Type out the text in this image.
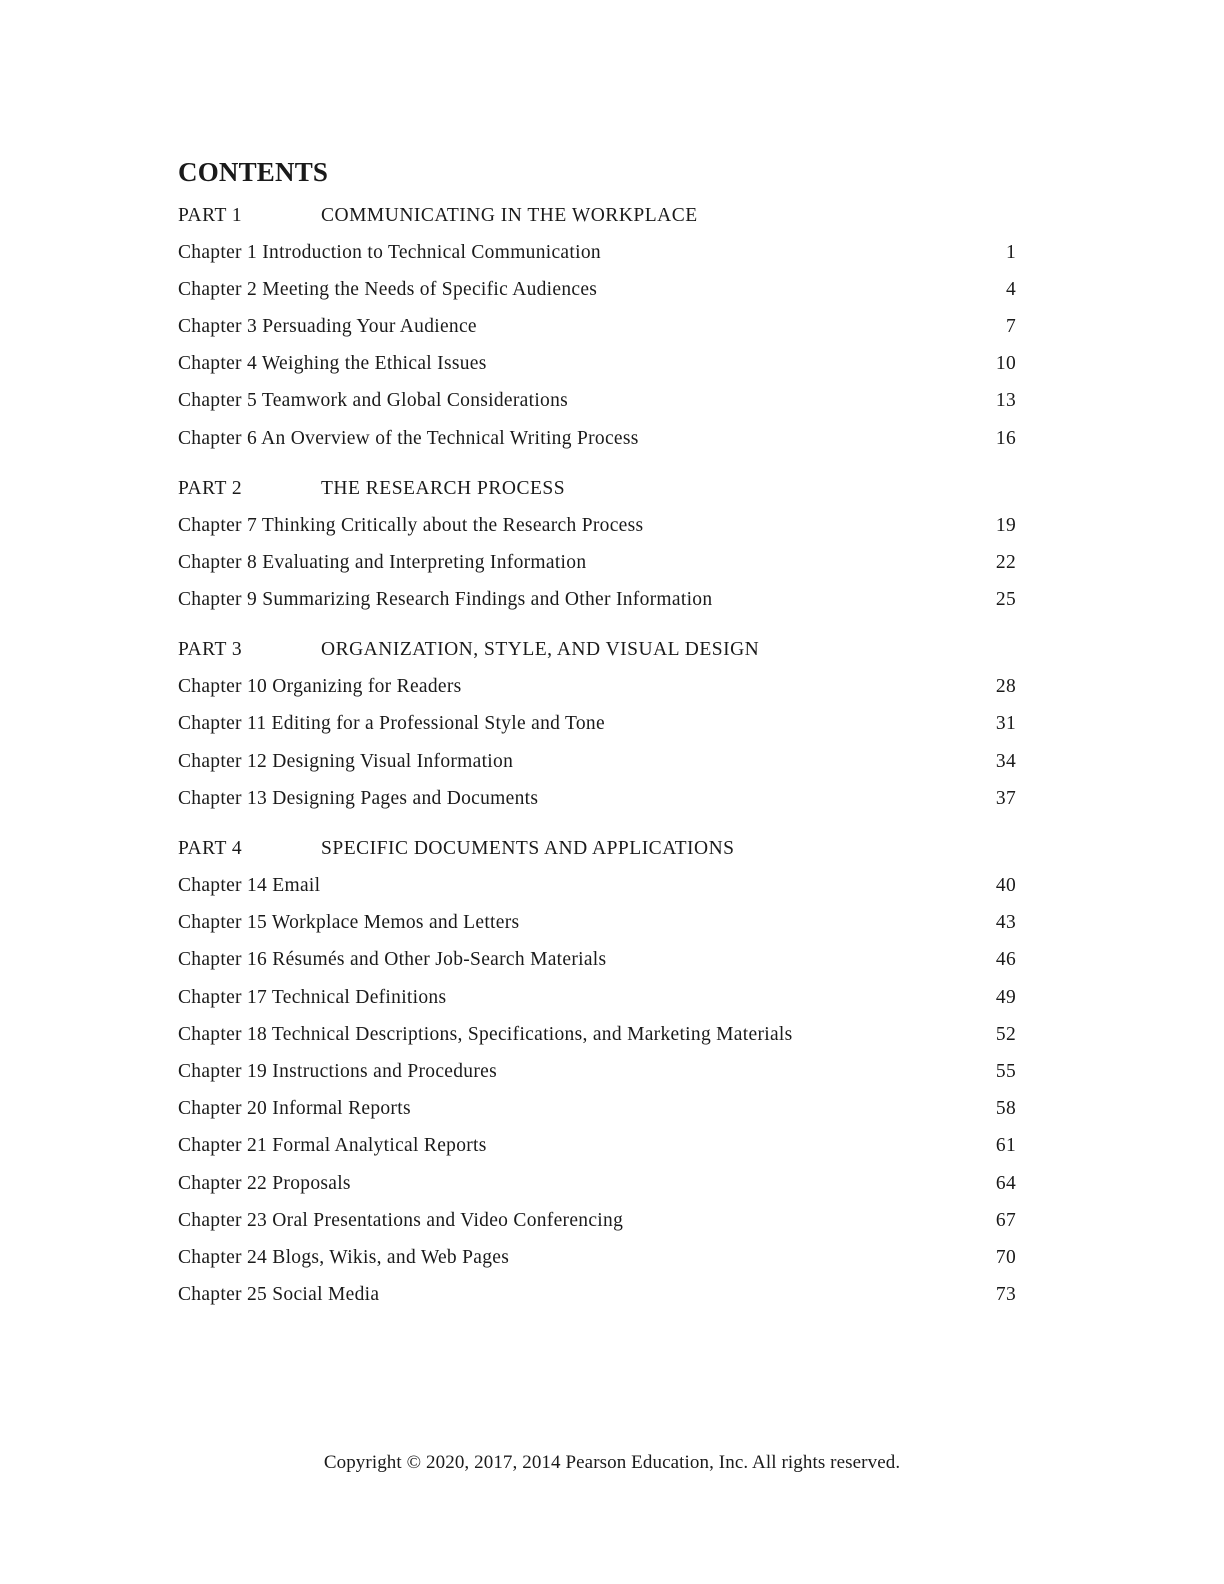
CONTENTS
PART 1	COMMUNICATING IN THE WORKPLACE
Chapter 1 Introduction to Technical Communication	1
Chapter 2 Meeting the Needs of Specific Audiences	4
Chapter 3 Persuading Your Audience	7
Chapter 4 Weighing the Ethical Issues	10
Chapter 5 Teamwork and Global Considerations	13
Chapter 6 An Overview of the Technical Writing Process	16
PART 2	THE RESEARCH PROCESS
Chapter 7 Thinking Critically about the Research Process	19
Chapter 8 Evaluating and Interpreting Information	22
Chapter 9 Summarizing Research Findings and Other Information	25
PART 3	ORGANIZATION, STYLE, AND VISUAL DESIGN
Chapter 10 Organizing for Readers	28
Chapter 11 Editing for a Professional Style and Tone	31
Chapter 12 Designing Visual Information	34
Chapter 13 Designing Pages and Documents	37
PART 4	SPECIFIC DOCUMENTS AND APPLICATIONS
Chapter 14 Email	40
Chapter 15 Workplace Memos and Letters	43
Chapter 16 Résumés and Other Job-Search Materials	46
Chapter 17 Technical Definitions	49
Chapter 18 Technical Descriptions, Specifications, and Marketing Materials	52
Chapter 19 Instructions and Procedures	55
Chapter 20 Informal Reports	58
Chapter 21 Formal Analytical Reports	61
Chapter 22 Proposals	64
Chapter 23 Oral Presentations and Video Conferencing	67
Chapter 24 Blogs, Wikis, and Web Pages	70
Chapter 25 Social Media	73
Copyright © 2020, 2017, 2014 Pearson Education, Inc. All rights reserved.
